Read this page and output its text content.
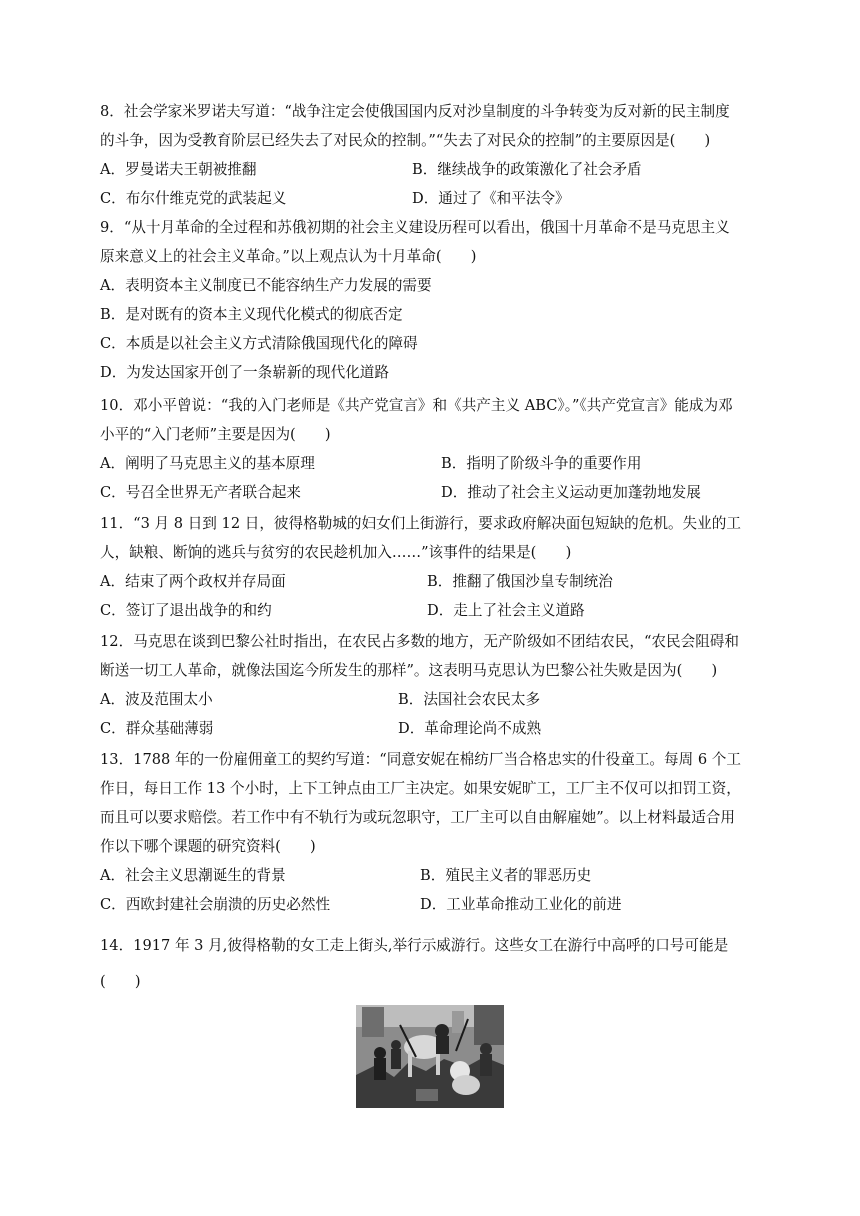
8．社会学家米罗诺夫写道：“战争注定会使俄国国内反对沙皇制度的斗争转变为反对新的民主制度
的斗争，因为受教育阶层已经失去了对民众的控制。”“失去了对民众的控制”的主要原因是(　　)
A．罗曼诺夫王朝被推翻	B．继续战争的政策激化了社会矛盾
C．布尔什维克党的武装起义	D．通过了《和平法令》
9．“从十月革命的全过程和苏俄初期的社会主义建设历程可以看出，俄国十月革命不是马克思主义
原来意义上的社会主义革命。”以上观点认为十月革命(　　)
A．表明资本主义制度已不能容纳生产力发展的需要
B．是对既有的资本主义现代化模式的彻底否定
C．本质是以社会主义方式清除俄国现代化的障碍
D．为发达国家开创了一条崭新的现代化道路
10．邓小平曾说：“我的入门老师是《共产党宣言》和《共产主义 ABC》。”《共产党宣言》能成为邓
小平的“入门老师”主要是因为(　　)
A．阐明了马克思主义的基本原理	B．指明了阶级斗争的重要作用
C．号召全世界无产者联合起来	D．推动了社会主义运动更加蓬勃地发展
11．“3 月 8 日到 12 日，彼得格勒城的妇女们上街游行，要求政府解决面包短缺的危机。失业的工
人，缺粮、断饷的逃兵与贫穷的农民趁机加入……”该事件的结果是(　　)
A．结束了两个政权并存局面	B．推翻了俄国沙皇专制统治
C．签订了退出战争的和约	D．走上了社会主义道路
12．马克思在谈到巴黎公社时指出，在农民占多数的地方，无产阶级如不团结农民，“农民会阻碍和
断送一切工人革命，就像法国迄今所发生的那样”。这表明马克思认为巴黎公社失败是因为(　　)
A．波及范围太小	B．法国社会农民太多
C．群众基础薄弱	D．革命理论尚不成熟
13．1788 年的一份雇佣童工的契约写道：“同意安妮在棉纺厂当合格忠实的什役童工。每周 6 个工
作日，每日工作 13 个小时，上下工钟点由工厂主决定。如果安妮旷工，工厂主不仅可以扣罚工资，
而且可以要求赔偿。若工作中有不轨行为或玩忽职守，工厂主可以自由解雇她”。以上材料最适合用
作以下哪个课题的研究资料(　　)
A．社会主义思潮诞生的背景	B．殖民主义者的罪恶历史
C．西欧封建社会崩溃的历史必然性	D．工业革命推动工业化的前进
14．1917 年 3 月,彼得格勒的女工走上街头,举行示威游行。这些女工在游行中高呼的口号可能是
(　　)
